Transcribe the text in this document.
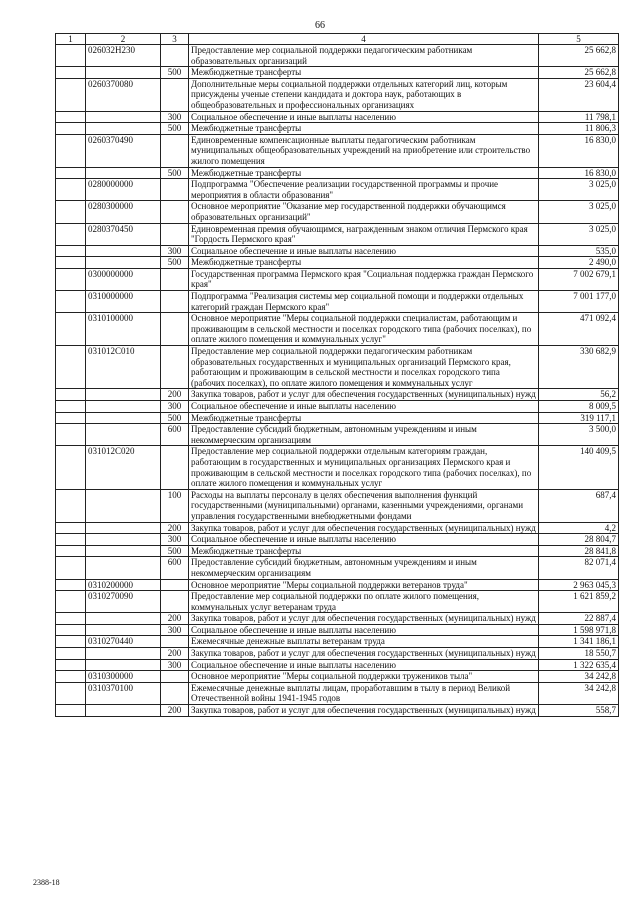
66
1	2	3	4	5
	026032H230		Предоставление мер социальной поддержки педагогическим работникам образовательных организаций	25 662,8
		500	Межбюджетные трансферты	25 662,8
	0260370080		Дополнительные меры социальной поддержки отдельных категорий лиц, которым присуждены ученые степени кандидата и доктора наук, работающих в общеобразовательных и профессиональных организациях	23 604,4
		300	Социальное обеспечение и иные выплаты населению	11 798,1
		500	Межбюджетные трансферты	11 806,3
	0260370490		Единовременные компенсационные выплаты педагогическим работникам муниципальных общеобразовательных учреждений на приобретение или строительство жилого помещения	16 830,0
		500	Межбюджетные трансферты	16 830,0
	0280000000		Подпрограмма "Обеспечение реализации государственной программы и прочие мероприятия в области образования"	3 025,0
	0280300000		Основное мероприятие "Оказание мер государственной поддержки обучающимся образовательных организаций"	3 025,0
	0280370450		Единовременная премия обучающимся, награжденным знаком отличия Пермского края "Гордость Пермского края"	3 025,0
		300	Социальное обеспечение и иные выплаты населению	535,0
		500	Межбюджетные трансферты	2 490,0
	0300000000		Государственная программа Пермского края "Социальная поддержка граждан Пермского края"	7 002 679,1
	0310000000		Подпрограмма "Реализация системы мер социальной помощи и поддержки отдельных категорий граждан Пермского края"	7 001 177,0
	0310100000		Основное мероприятие "Меры социальной поддержки специалистам, работающим и проживающим в сельской местности и поселках городского типа (рабочих поселках), по оплате жилого помещения и коммунальных услуг"	471 092,4
	031012С010		Предоставление мер социальной поддержки педагогическим работникам образовательных государственных и муниципальных организаций Пермского края, работающим и проживающим в сельской местности и поселках городского типа (рабочих поселках), по оплате жилого помещения и коммунальных услуг	330 682,9
		200	Закупка товаров, работ и услуг для обеспечения государственных (муниципальных) нужд	56,2
		300	Социальное обеспечение и иные выплаты населению	8 009,5
		500	Межбюджетные трансферты	319 117,1
		600	Предоставление субсидий бюджетным, автономным учреждениям и иным некоммерческим организациям	3 500,0
	031012С020		Предоставление мер социальной поддержки отдельным категориям граждан, работающим в государственных и муниципальных организациях Пермского края и проживающим в сельской местности и поселках городского типа (рабочих поселках), по оплате жилого помещения и коммунальных услуг	140 409,5
		100	Расходы на выплаты персоналу в целях обеспечения выполнения функций государственными (муниципальными) органами, казенными учреждениями, органами управления государственными внебюджетными фондами	687,4
		200	Закупка товаров, работ и услуг для обеспечения государственных (муниципальных) нужд	4,2
		300	Социальное обеспечение и иные выплаты населению	28 804,7
		500	Межбюджетные трансферты	28 841,8
		600	Предоставление субсидий бюджетным, автономным учреждениям и иным некоммерческим организациям	82 071,4
	0310200000		Основное мероприятие "Меры социальной поддержки ветеранов труда"	2 963 045,3
	0310270090		Предоставление мер социальной поддержки по оплате жилого помещения, коммунальных услуг ветеранам труда	1 621 859,2
		200	Закупка товаров, работ и услуг для обеспечения государственных (муниципальных) нужд	22 887,4
		300	Социальное обеспечение и иные выплаты населению	1 598 971,8
	0310270440		Ежемесячные денежные выплаты ветеранам труда	1 341 186,1
		200	Закупка товаров, работ и услуг для обеспечения государственных (муниципальных) нужд	18 550,7
		300	Социальное обеспечение и иные выплаты населению	1 322 635,4
	0310300000		Основное мероприятие "Меры социальной поддержки тружеников тыла"	34 242,8
	0310370100		Ежемесячные денежные выплаты лицам, проработавшим в тылу в период Великой Отечественной войны 1941-1945 годов	34 242,8
		200	Закупка товаров, работ и услуг для обеспечения государственных (муниципальных) нужд	558,7
2388-18
